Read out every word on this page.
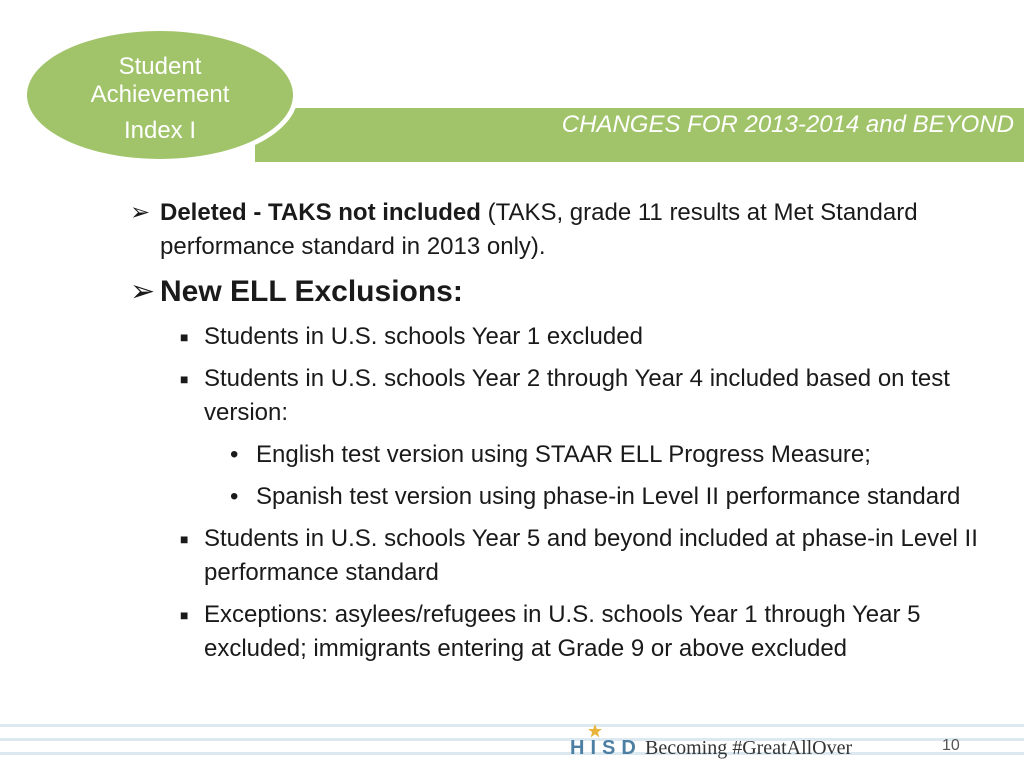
CHANGES FOR 2013-2014 and BEYOND
Student
Achievement
Index I
➢ Deleted - TAKS not included (TAKS, grade 11 results at Met Standard performance standard in 2013 only).
➢ New ELL Exclusions:
■ Students in U.S. schools Year 1 excluded
■ Students in U.S. schools Year 2 through Year 4 included based on test version:
• English test version using STAAR ELL Progress Measure;
• Spanish test version using phase-in Level II performance standard
■ Students in U.S. schools Year 5 and beyond included at phase-in Level II performance standard
■ Exceptions: asylees/refugees in U.S. schools Year 1 through Year 5 excluded; immigrants entering at Grade 9 or above excluded
HISD Becoming #GreatAllOver	10
